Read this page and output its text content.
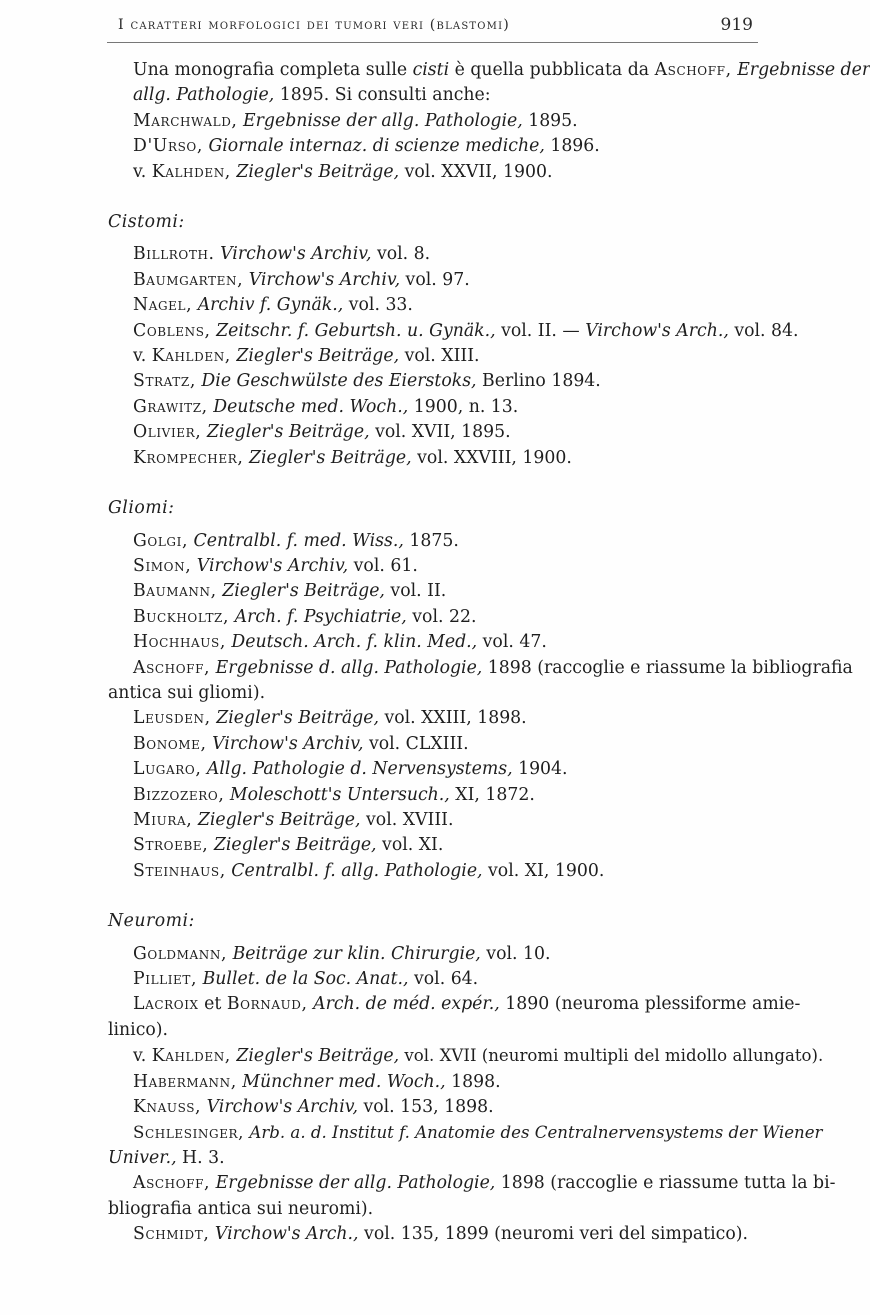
I caratteri morfologici dei tumori veri (blastomi)	919
Una monografia completa sulle cisti è quella pubblicata da Aschoff, Ergebnisse der
allg. Pathologie, 1895. Si consulti anche:
Marchwald, Ergebnisse der allg. Pathologie, 1895.
D'Urso, Giornale internaz. di scienze mediche, 1896.
v. Kalhden, Ziegler's Beiträge, vol. XXVII, 1900.
Cistomi:
Billroth. Virchow's Archiv, vol. 8.
Baumgarten, Virchow's Archiv, vol. 97.
Nagel, Archiv f. Gynäk., vol. 33.
Coblens, Zeitschr. f. Geburtsh. u. Gynäk., vol. II. — Virchow's Arch., vol. 84.
v. Kahlden, Ziegler's Beiträge, vol. XIII.
Stratz, Die Geschwülste des Eierstoks, Berlino 1894.
Grawitz, Deutsche med. Woch., 1900, n. 13.
Olivier, Ziegler's Beiträge, vol. XVII, 1895.
Krompecher, Ziegler's Beiträge, vol. XXVIII, 1900.
Gliomi:
Golgi, Centralbl. f. med. Wiss., 1875.
Simon, Virchow's Archiv, vol. 61.
Baumann, Ziegler's Beiträge, vol. II.
Buckholtz, Arch. f. Psychiatrie, vol. 22.
Hochhaus, Deutsch. Arch. f. klin. Med., vol. 47.
Aschoff, Ergebnisse d. allg. Pathologie, 1898 (raccoglie e riassume la bibliografia
antica sui gliomi).
Leusden, Ziegler's Beiträge, vol. XXIII, 1898.
Bonome, Virchow's Archiv, vol. CLXIII.
Lugaro, Allg. Pathologie d. Nervensystems, 1904.
Bizzozero, Moleschott's Untersuch., XI, 1872.
Miura, Ziegler's Beiträge, vol. XVIII.
Stroebe, Ziegler's Beiträge, vol. XI.
Steinhaus, Centralbl. f. allg. Pathologie, vol. XI, 1900.
Neuromi:
Goldmann, Beiträge zur klin. Chirurgie, vol. 10.
Pilliet, Bullet. de la Soc. Anat., vol. 64.
Lacroix et Bornaud, Arch. de méd. expér., 1890 (neuroma plessiforme amie-
linico).
v. Kahlden, Ziegler's Beiträge, vol. XVII (neuromi multipli del midollo allungato).
Habermann, Münchner med. Woch., 1898.
Knauss, Virchow's Archiv, vol. 153, 1898.
Schlesinger, Arb. a. d. Institut f. Anatomie des Centralnervensystems der Wiener
Univer., H. 3.
Aschoff, Ergebnisse der allg. Pathologie, 1898 (raccoglie e riassume tutta la bi-
bliografia antica sui neuromi).
Schmidt, Virchow's Arch., vol. 135, 1899 (neuromi veri del simpatico).
